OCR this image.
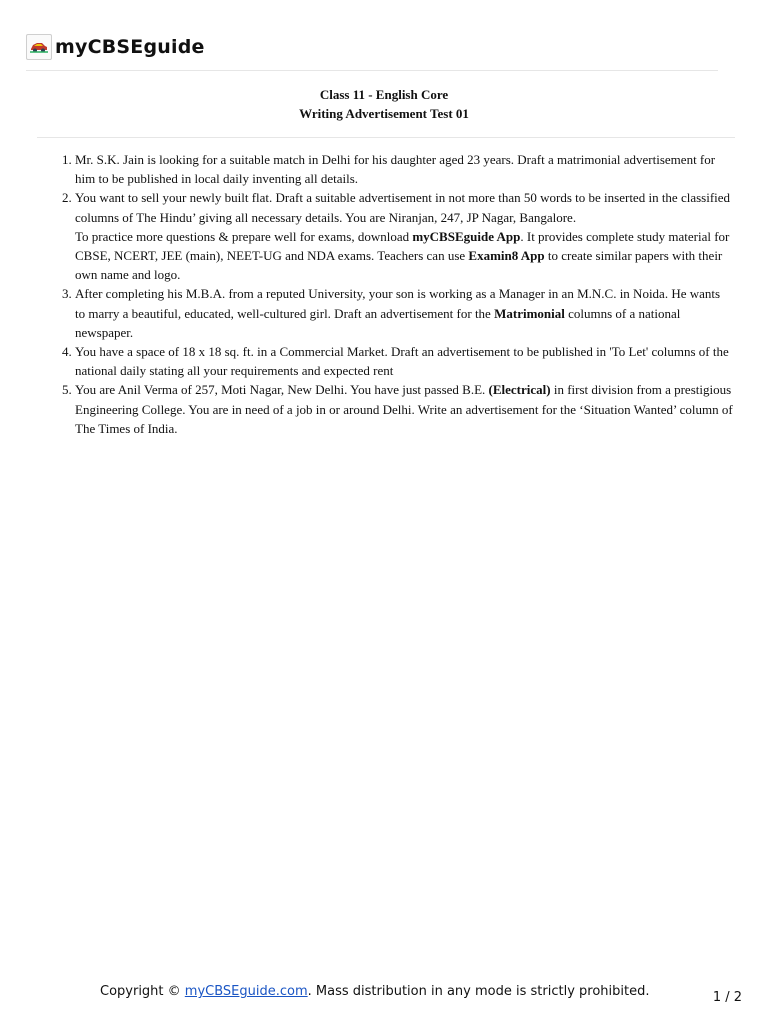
myCBSEguide
Class 11 - English Core
Writing Advertisement Test 01
1. Mr. S.K. Jain is looking for a suitable match in Delhi for his daughter aged 23 years. Draft a matrimonial advertisement for him to be published in local daily inventing all details.
2. You want to sell your newly built flat. Draft a suitable advertisement in not more than 50 words to be inserted in the classified columns of The Hindu’ giving all necessary details. You are Niranjan, 247, JP Nagar, Bangalore.
To practice more questions & prepare well for exams, download myCBSEguide App. It provides complete study material for CBSE, NCERT, JEE (main), NEET-UG and NDA exams. Teachers can use Examin8 App to create similar papers with their own name and logo.
3. After completing his M.B.A. from a reputed University, your son is working as a Manager in an M.N.C. in Noida. He wants to marry a beautiful, educated, well-cultured girl. Draft an advertisement for the Matrimonial columns of a national newspaper.
4. You have a space of 18 x 18 sq. ft. in a Commercial Market. Draft an advertisement to be published in 'To Let' columns of the national daily stating all your requirements and expected rent
5. You are Anil Verma of 257, Moti Nagar, New Delhi. You have just passed B.E. (Electrical) in first division from a prestigious Engineering College. You are in need of a job in or around Delhi. Write an advertisement for the ‘Situation Wanted’ column of The Times of India.
Copyright © myCBSEguide.com. Mass distribution in any mode is strictly prohibited.	1 / 2
